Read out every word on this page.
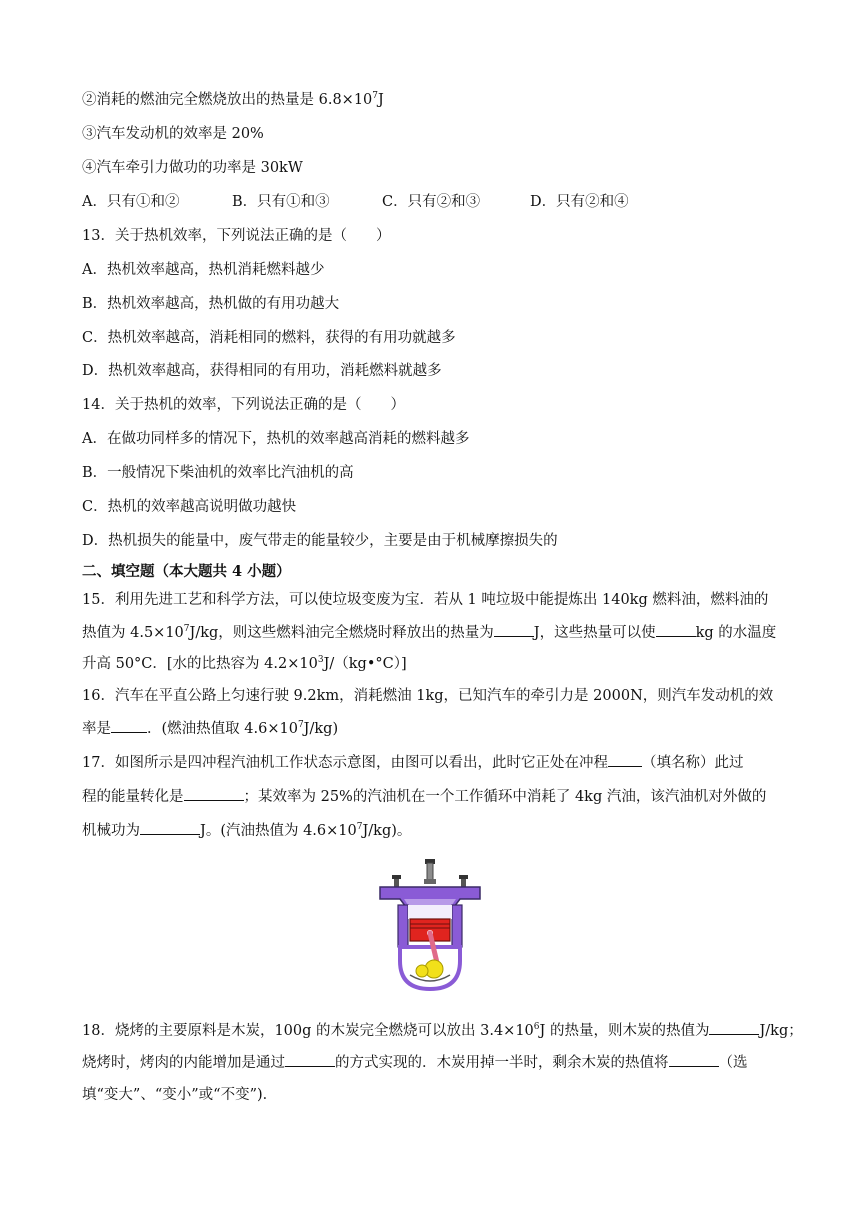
②消耗的燃油完全燃烧放出的热量是 $6.8\times 10^7J$
③汽车发动机的效率是 20%
④汽车牵引力做功的功率是 30kW
A．只有①和②	B．只有①和③	C．只有②和③	D．只有②和④
13．关于热机效率，下列说法正确的是（　　）
A．热机效率越高，热机消耗燃料越少
B．热机效率越高，热机做的有用功越大
C．热机效率越高，消耗相同的燃料，获得的有用功就越多
D．热机效率越高，获得相同的有用功，消耗燃料就越多
14．关于热机的效率，下列说法正确的是（　　）
A．在做功同样多的情况下，热机的效率越高消耗的燃料越多
B．一般情况下柴油机的效率比汽油机的高
C．热机的效率越高说明做功越快
D．热机损失的能量中，废气带走的能量较少，主要是由于机械摩擦损失的
二、填空题（本大题共 4 小题）
15．利用先进工艺和科学方法，可以使垃圾变废为宝．若从 1 吨垃圾中能提炼出 140kg 燃料油，燃料油的
热值为 $4.5\times 10^7J/kg$，则这些燃料油完全燃烧时释放出的热量为	J，这些热量可以使	kg 的水温度
升高 50°C．[水的比热容为 $4.2\times 10^3J/(kg•^\circ C)$]
16．汽车在平直公路上匀速行驶 9.2km，消耗燃油 1kg，已知汽车的牵引力是 2000N，则汽车发动机的效
率是 ．(燃油热值取 $4.6\times 10^7J/kg$)
17．如图所示是四冲程汽油机工作状态示意图，由图可以看出，此时它正处在冲程 （填名称）此过
程的能量转化是	；某效率为 25%的汽油机在一个工作循环中消耗了 4kg 汽油，该汽油机对外做的
机械功为	J。(汽油热值为 $4.6\times 10^7J/kg$)。
18．烧烤的主要原料是木炭，100g 的木炭完全燃烧可以放出 $3.4\times 10^6J$ 的热量，则木炭的热值为	J/kg；
烧烤时，烤肉的内能增加是通过	的方式实现的．木炭用掉一半时，剩余木炭的热值将	（选
填“变大”、“变小”或“不变”)．
